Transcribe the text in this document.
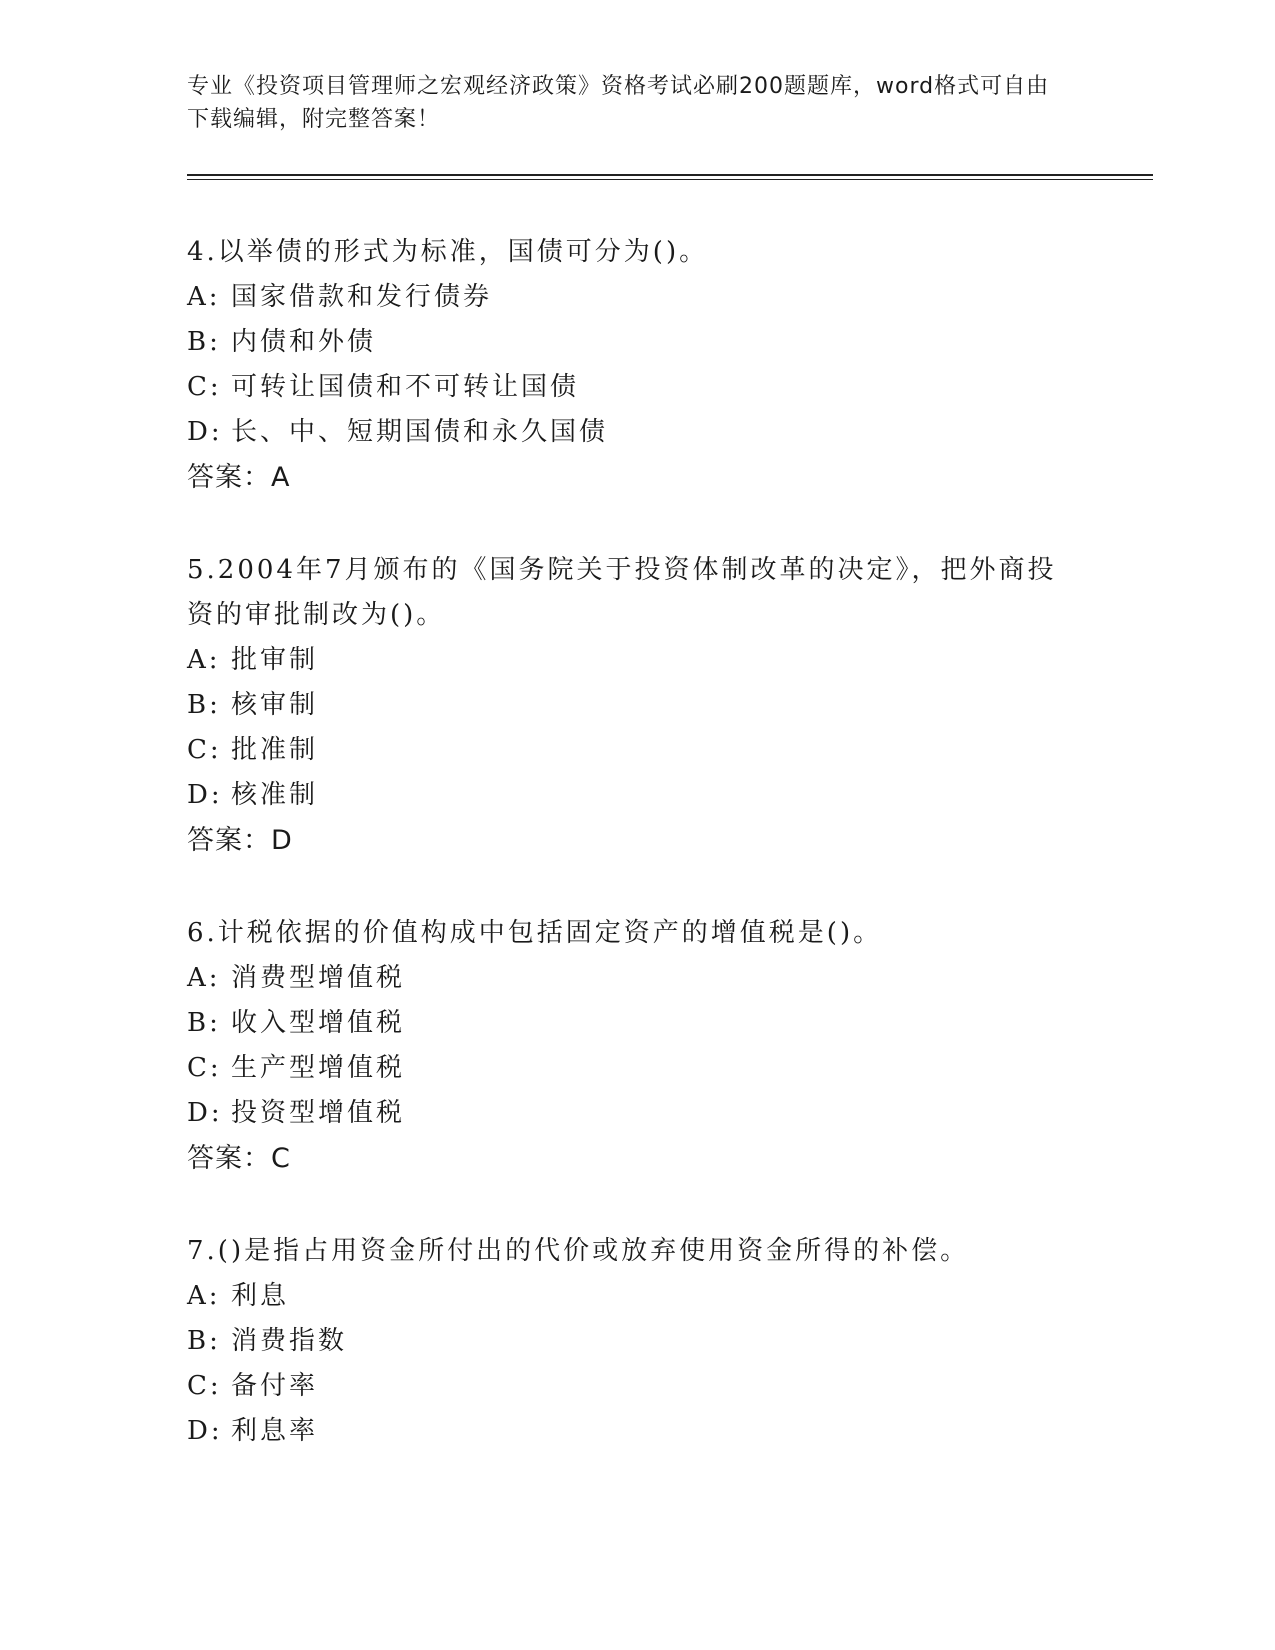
专业《投资项目管理师之宏观经济政策》资格考试必刷200题题库，word格式可自由下载编辑，附完整答案！

4.以举债的形式为标准，国债可分为()。

A: 国家借款和发行债券

B: 内债和外债

C: 可转让国债和不可转让国债

D: 长、中、短期国债和永久国债

答案：A

5.2004年7月颁布的《国务院关于投资体制改革的决定》，把外商投资的审批制改为()。

A: 批审制

B: 核审制

C: 批准制

D: 核准制

答案：D

6.计税依据的价值构成中包括固定资产的增值税是()。

A: 消费型增值税

B: 收入型增值税

C: 生产型增值税

D: 投资型增值税

答案：C

7.()是指占用资金所付出的代价或放弃使用资金所得的补偿。

A: 利息

B: 消费指数

C: 备付率

D: 利息率
